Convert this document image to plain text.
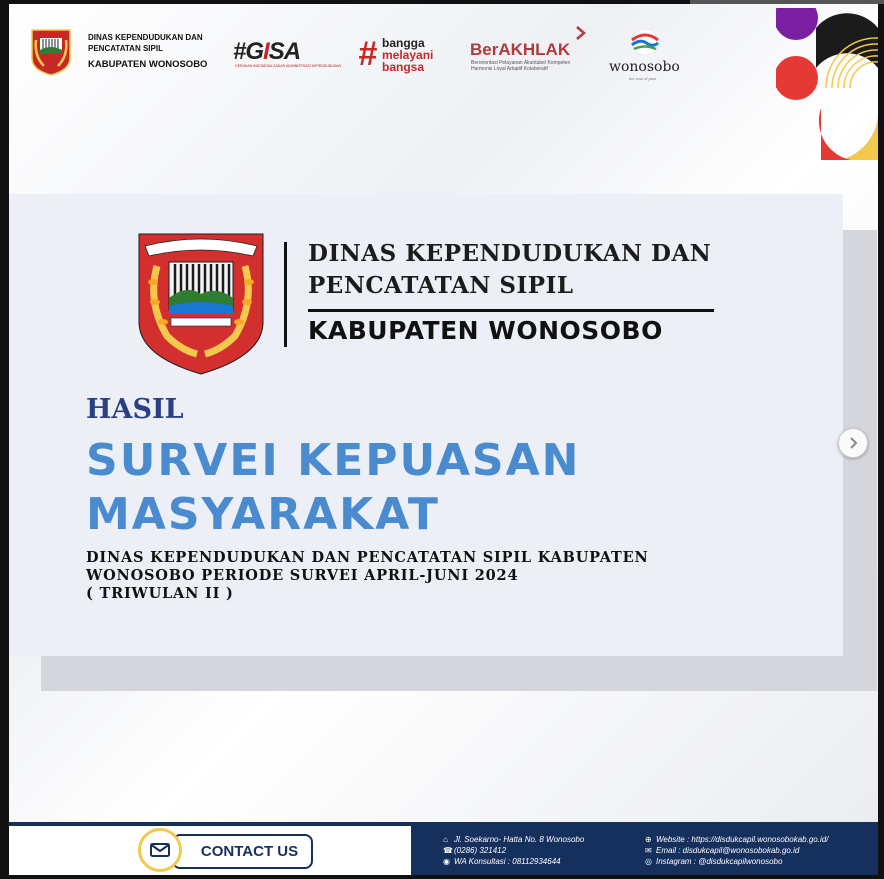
DINAS KEPENDUDUKAN DAN
PENCATATAN SIPIL
KABUPATEN WONOSOBO #GISA
GERAKAN INDONESIA SADAR ADMINISTRASI KEPENDUDUKAN # bangga
melayani
bangsa
BerAKHLAK
Berorientasi Pelayanan Akuntabel Kompeten Harmonis Loyal Adaptif Kolaboratif	wonosobo
the soul of java
DINAS KEPENDUDUKAN DAN
PENCATATAN SIPIL
KABUPATEN WONOSOBO
HASIL
SURVEI KEPUASAN
MASYARAKAT
DINAS KEPENDUDUKAN DAN PENCATATAN SIPIL KABUPATEN
WONOSOBO PERIODE SURVEI APRIL-JUNI 2024
( TRIWULAN II )
CONTACT US
⌂ Jl. Soekarno- Hatta No. 8 Wonosobo
☎(0286) 321412
◉ WA Konsultasi : 08112934644
⊕ Website : https://disdukcapil.wonosobokab.go.id/
✉ Email : disdukcapil@wonosobokab.go.id
◎ Instagram : @disdukcapilwonosobo
